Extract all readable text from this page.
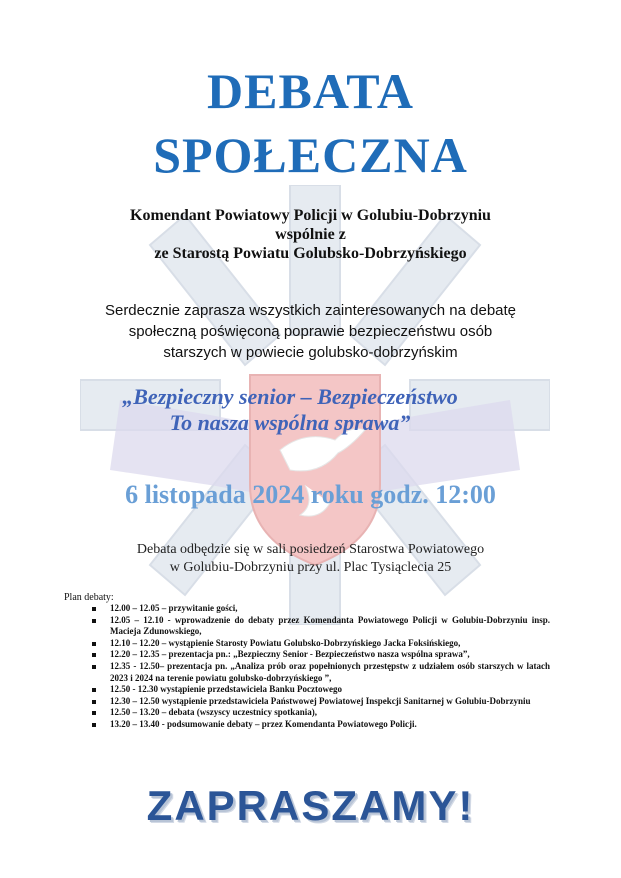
DEBATA
SPOŁECZNA
Komendant Powiatowy Policji w Golubiu-Dobrzyniu
wspólnie z
ze Starostą Powiatu Golubsko-Dobrzyńskiego
Serdecznie zaprasza wszystkich zainteresowanych na debatę
społeczną poświęconą poprawie bezpieczeństwu osób
starszych w powiecie golubsko-dobrzyńskim
„Bezpieczny senior – Bezpieczeństwo
To nasza wspólna sprawa”
6 listopada 2024 roku godz. 12:00
Debata odbędzie się w sali posiedzeń Starostwa Powiatowego
w Golubiu-Dobrzyniu przy ul. Plac Tysiąclecia 25
Plan debaty:
12.00 – 12.05 – przywitanie gości,
12.05 – 12.10 - wprowadzenie do debaty przez Komendanta Powiatowego Policji w Golubiu-Dobrzyniu insp. Macieja Zdunowskiego,
12.10 – 12.20 – wystąpienie Starosty Powiatu Golubsko-Dobrzyńskiego Jacka Foksińskiego,
12.20 – 12.35 – prezentacja pn.: „Bezpieczny Senior - Bezpieczeństwo nasza wspólna sprawa”,
12.35 - 12.50– prezentacja pn. „Analiza prób oraz popełnionych przestępstw z udziałem osób starszych w latach 2023 i 2024 na terenie powiatu golubsko-dobrzyńskiego ”,
12.50 - 12.30 wystąpienie przedstawiciela Banku Pocztowego
12.30 – 12.50 wystąpienie przedstawiciela Państwowej Powiatowej Inspekcji Sanitarnej w Golubiu-Dobrzyniu
12.50 – 13.20 – debata (wszyscy uczestnicy spotkania),
13.20 – 13.40 - podsumowanie debaty – przez Komendanta Powiatowego Policji.
ZAPRASZAMY!
